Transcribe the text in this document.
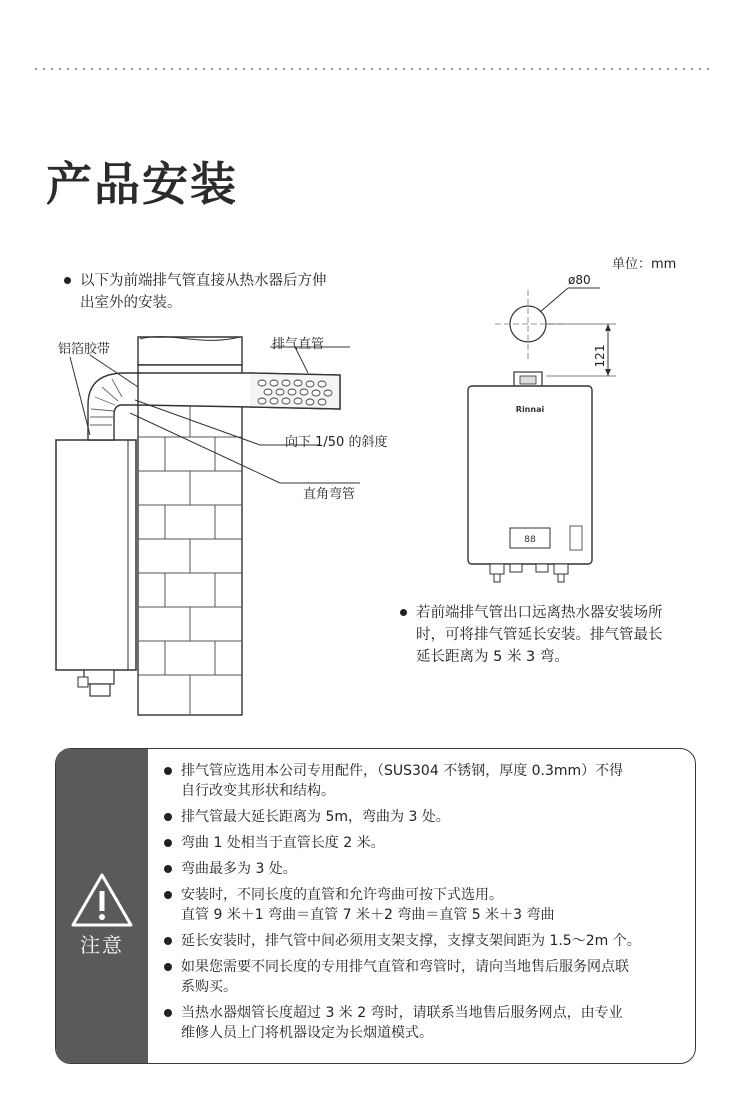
产品安装
以下为前端排气管直接从热水器后方伸
出室外的安装。
铝箔胶带	排气直管
向下 1/50 的斜度
直角弯管
单位：mm
ø80
121
Rinnai
88
若前端排气管出口远离热水器安装场所
时，可将排气管延长安装。排气管最长
延长距离为 5 米 3 弯。
注意
排气管应选用本公司专用配件，（SUS304 不锈钢，厚度 0.3mm）不得
自行改变其形状和结构。
排气管最大延长距离为 5m，弯曲为 3 处。
弯曲 1 处相当于直管长度 2 米。
弯曲最多为 3 处。
安装时，不同长度的直管和允许弯曲可按下式选用。
直管 9 米＋1 弯曲＝直管 7 米＋2 弯曲＝直管 5 米＋3 弯曲
延长安装时，排气管中间必须用支架支撑，支撑支架间距为 1.5～2m 个。
如果您需要不同长度的专用排气直管和弯管时，请向当地售后服务网点联
系购买。
当热水器烟管长度超过 3 米 2 弯时，请联系当地售后服务网点，由专业
维修人员上门将机器设定为长烟道模式。
